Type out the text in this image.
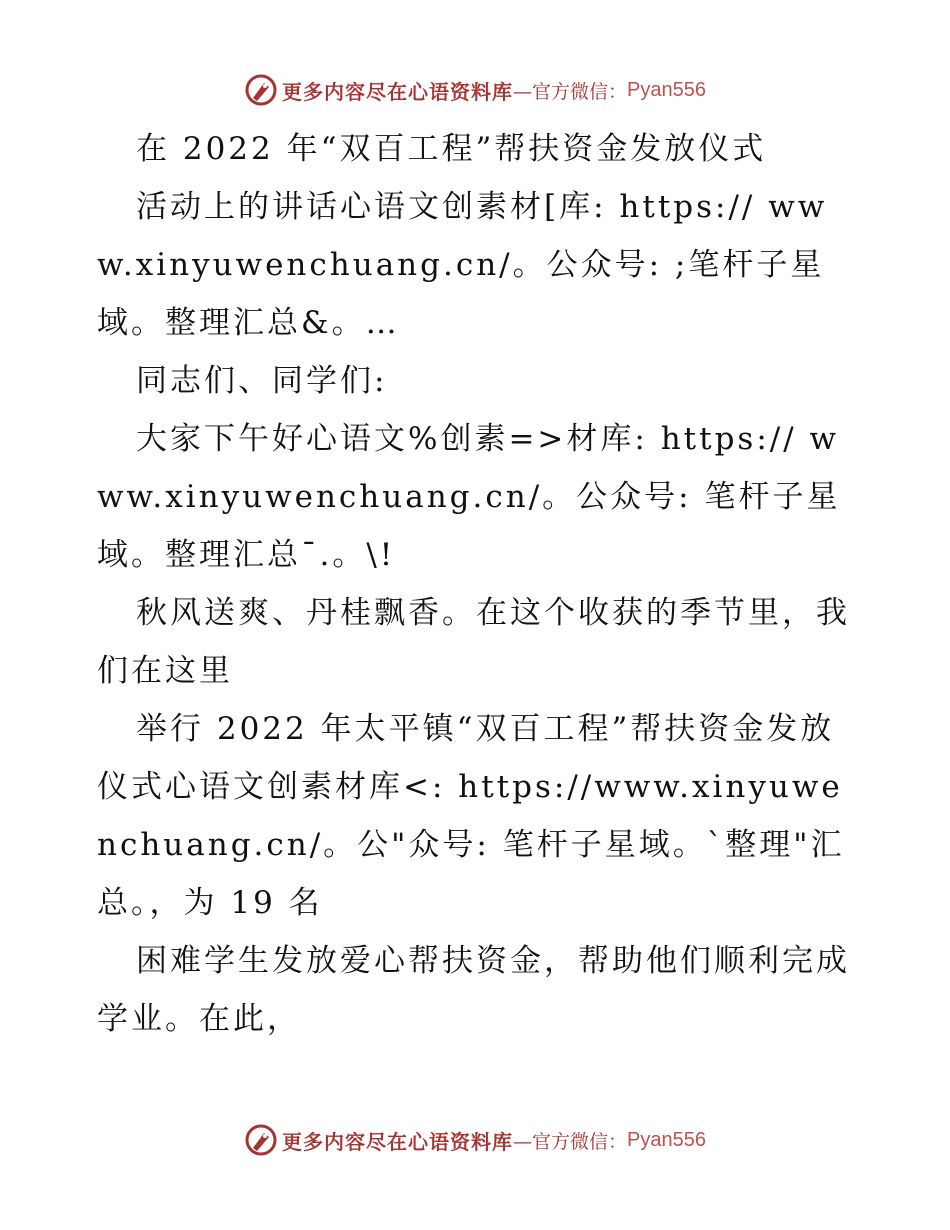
更多内容尽在心语资料库 —官方微信： Pyan556

在 2022 年“双百工程”帮扶资金发放仪式

活动上的讲话心语文创素材[库: https:// www.xinyuwenchuang.cn/。公众号: ;笔杆子星域。整理汇总&。…

同志们、同学们:

大家下午好心语文%创素=>材库: https:// www.xinyuwenchuang.cn/。公众号: 笔杆子星域。整理汇总¯.。\!

秋风送爽、丹桂飘香。在这个收获的季节里，我们在这里

举行 2022 年太平镇“双百工程”帮扶资金发放仪式心语文创素材库<: https://www.xinyuwenchuang.cn/。公"众号: 笔杆子星域。`整理"汇总。，为 19 名

困难学生发放爱心帮扶资金，帮助他们顺利完成学业。在此，

更多内容尽在心语资料库 —官方微信： Pyan556
